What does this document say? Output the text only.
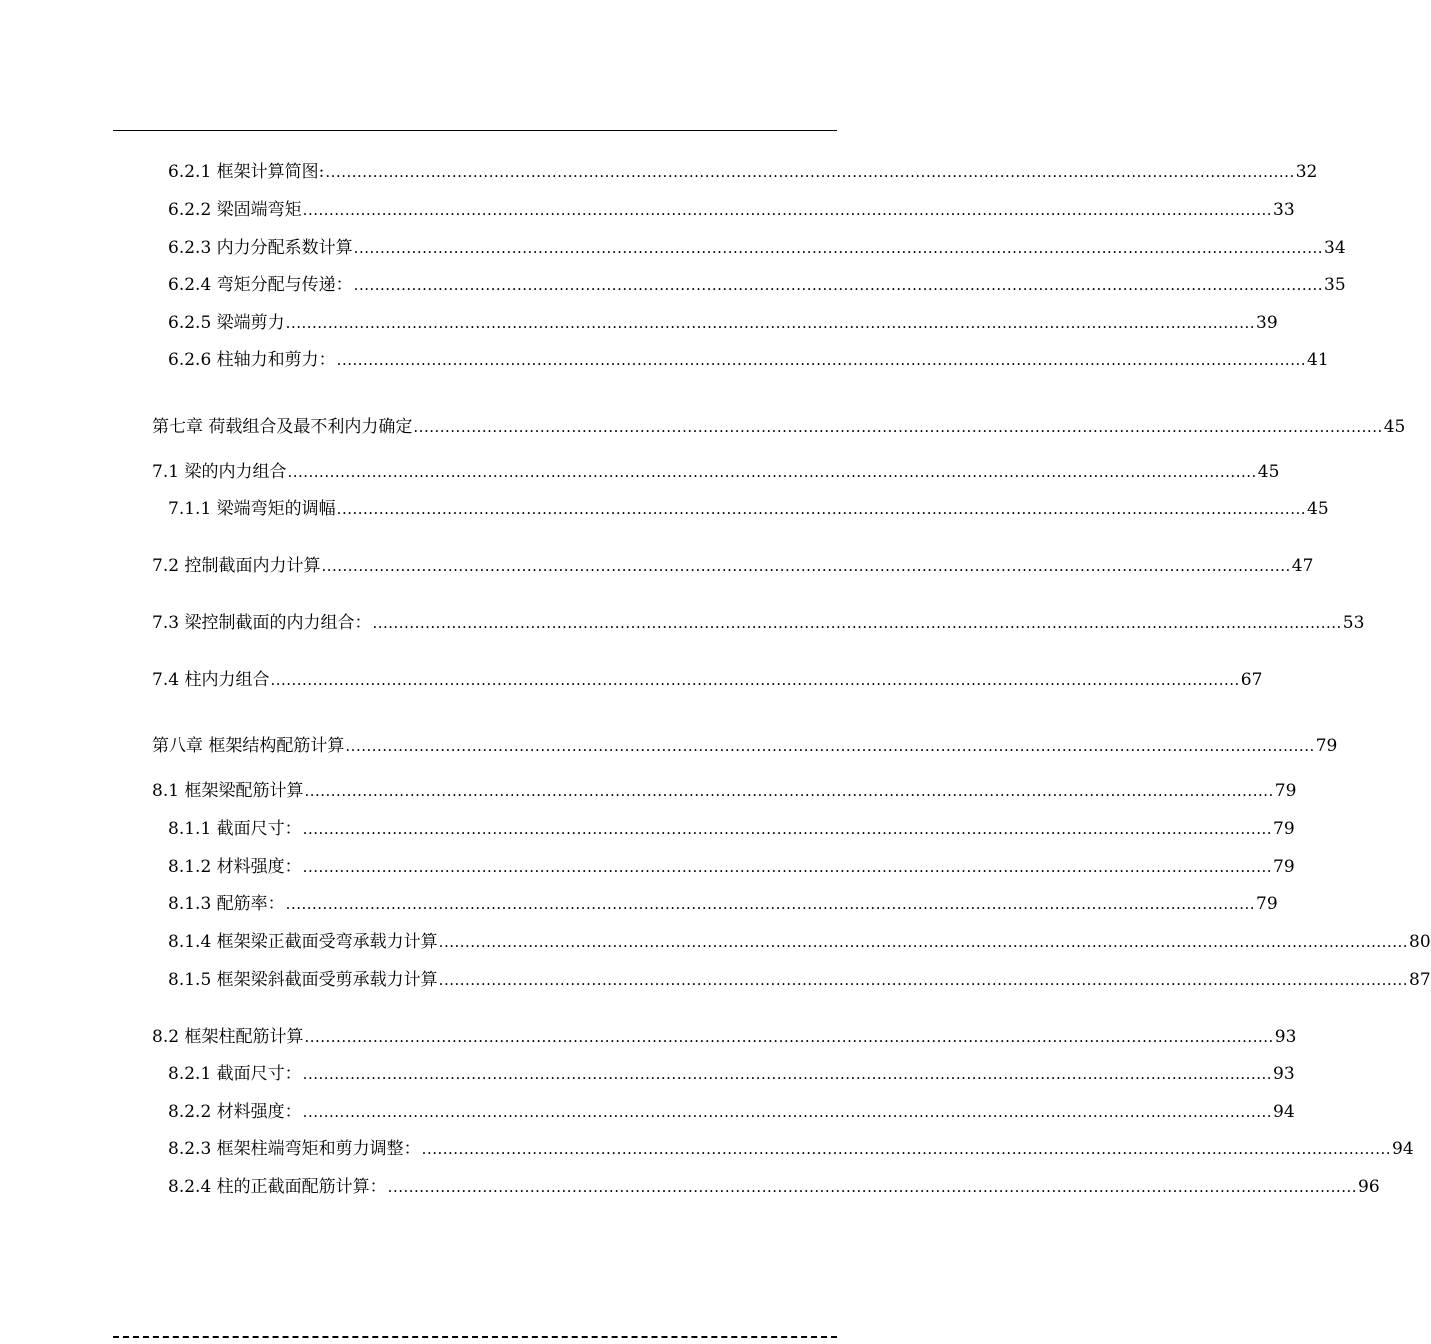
6.2.1 框架计算简图: ........................................................................................................................................................................................ 32
6.2.2 梁固端弯矩 ........................................................................................................................................................................................ 33
6.2.3 内力分配系数计算 ........................................................................................................................................................................................ 34
6.2.4 弯矩分配与传递： ........................................................................................................................................................................................ 35
6.2.5 梁端剪力 ........................................................................................................................................................................................ 39
6.2.6 柱轴力和剪力： ........................................................................................................................................................................................ 41
第七章 荷载组合及最不利内力确定 ........................................................................................................................................................................................ 45
7.1 梁的内力组合 ........................................................................................................................................................................................ 45
7.1.1 梁端弯矩的调幅 ........................................................................................................................................................................................ 45
7.2 控制截面内力计算 ........................................................................................................................................................................................ 47
7.3 梁控制截面的内力组合： ........................................................................................................................................................................................ 53
7.4 柱内力组合 ........................................................................................................................................................................................ 67
第八章 框架结构配筋计算 ........................................................................................................................................................................................ 79
8.1 框架梁配筋计算 ........................................................................................................................................................................................ 79
8.1.1 截面尺寸： ........................................................................................................................................................................................ 79
8.1.2 材料强度： ........................................................................................................................................................................................ 79
8.1.3 配筋率： ........................................................................................................................................................................................ 79
8.1.4 框架梁正截面受弯承载力计算 ........................................................................................................................................................................................ 80
8.1.5 框架梁斜截面受剪承载力计算 ........................................................................................................................................................................................ 87
8.2 框架柱配筋计算 ........................................................................................................................................................................................ 93
8.2.1 截面尺寸： ........................................................................................................................................................................................ 93
8.2.2 材料强度： ........................................................................................................................................................................................ 94
8.2.3 框架柱端弯矩和剪力调整： ........................................................................................................................................................................................ 94
8.2.4 柱的正截面配筋计算： ........................................................................................................................................................................................ 96
